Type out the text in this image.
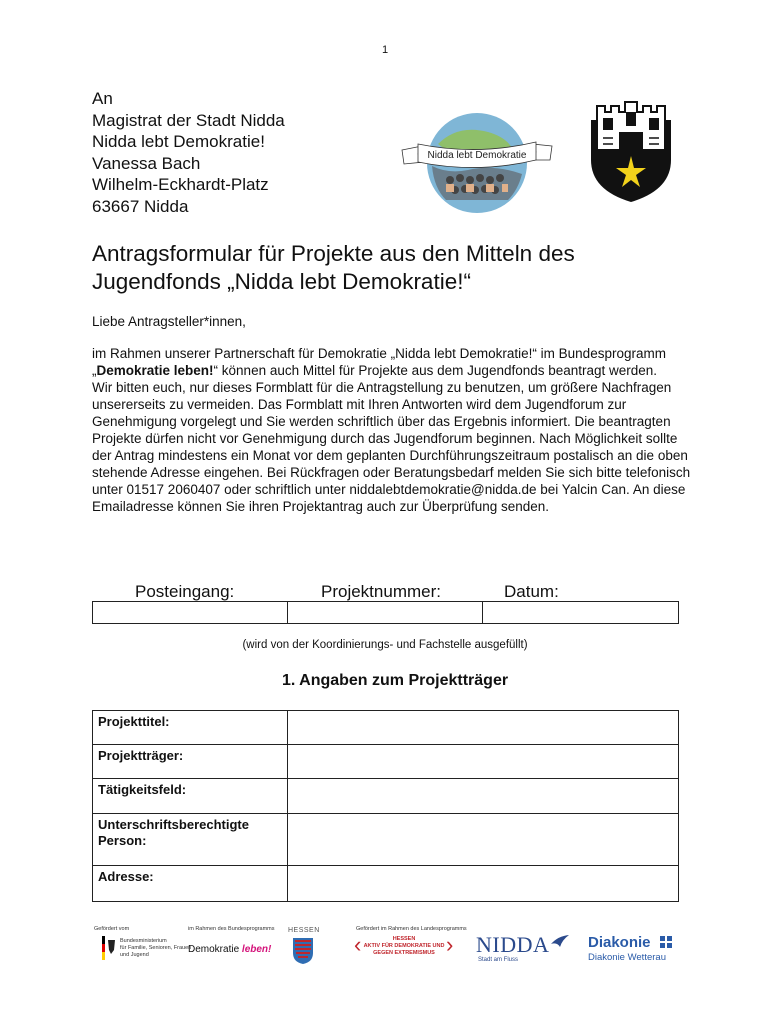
1
An
Magistrat der Stadt Nidda
Nidda lebt Demokratie!
Vanessa Bach
Wilhelm-Eckhardt-Platz
63667 Nidda
Nidda lebt Demokratie
Antragsformular für Projekte aus den Mitteln des
Jugendfonds „Nidda lebt Demokratie!“
Liebe Antragsteller*innen,

im Rahmen unserer Partnerschaft für Demokratie „Nidda lebt Demokratie!“ im Bundesprogramm „Demokratie leben!“ können auch Mittel für Projekte aus dem Jugendfonds beantragt werden.

Wir bitten euch, nur dieses Formblatt für die Antragstellung zu benutzen, um größere Nachfragen unsererseits zu vermeiden. Das Formblatt mit Ihren Antworten wird dem Jugendforum zur Genehmigung vorgelegt und Sie werden schriftlich über das Ergebnis informiert. Die beantragten Projekte dürfen nicht vor Genehmigung durch das Jugendforum beginnen. Nach Möglichkeit sollte der Antrag mindestens ein Monat vor dem geplanten Durchführungszeitraum postalisch an die oben stehende Adresse eingehen. Bei Rückfragen oder Beratungsbedarf melden Sie sich bitte telefonisch unter 01517 2060407 oder schriftlich unter niddalebtdemokratie@nidda.de bei Yalcin Can. An diese Emailadresse können Sie ihren Projektantrag auch zur Überprüfung senden.

Posteingang:	Projektnummer:	Datum:

(wird von der Koordinierungs- und Fachstelle ausgefüllt)
1. Angaben zum Projektträger
Projekttitel:	
Projektträger:	
Tätigkeitsfeld:	
Unterschriftsberechtigte Person:	
Adresse:	
Gefördert vom
Bundesministerium
für Familie, Senioren, Frauen
und Jugend
im Rahmen des Bundesprogramms
Demokratie leben!
HESSEN	Gefördert im Rahmen des Landesprogramms
HESSEN
AKTIV FÜR DEMOKRATIE UND
GEGEN EXTREMISMUS
‹	› NIDDA
Stadt am Fluss
Diakonie
Diakonie Wetterau
